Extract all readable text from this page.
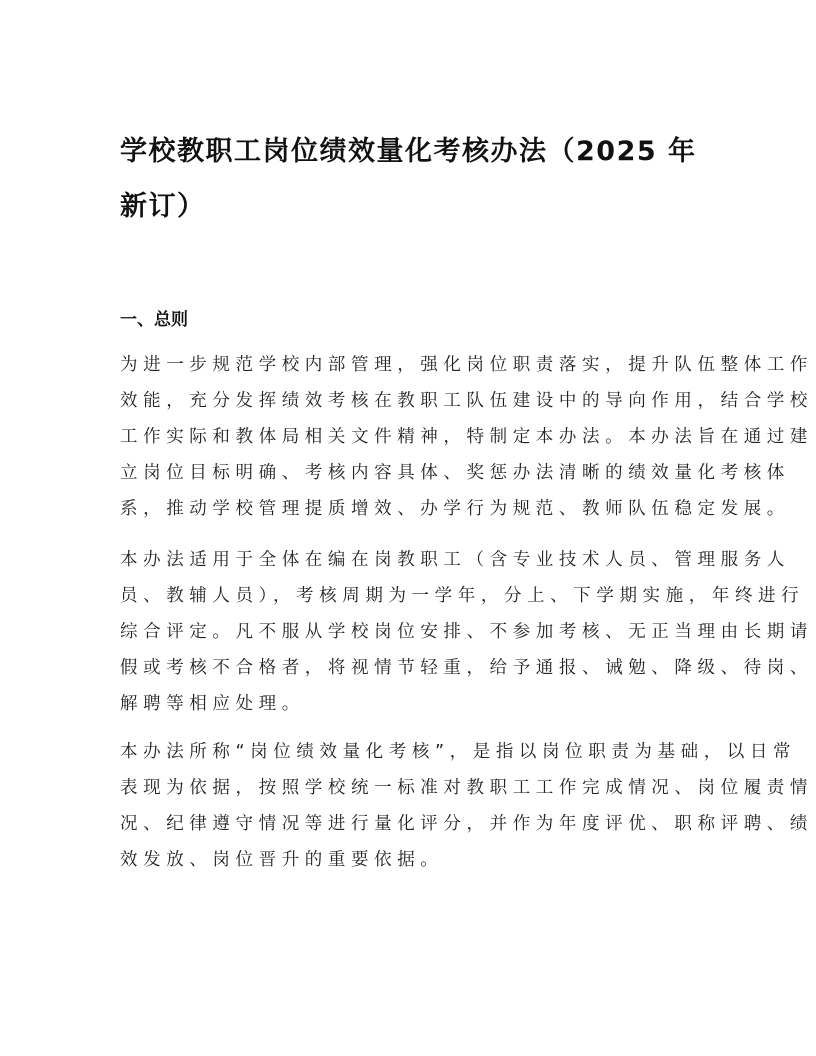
学校教职工岗位绩效量化考核办法（2025 年
新订）
一、总则
为进一步规范学校内部管理，强化岗位职责落实，提升队伍整体工作
效能，充分发挥绩效考核在教职工队伍建设中的导向作用，结合学校
工作实际和教体局相关文件精神，特制定本办法。本办法旨在通过建
立岗位目标明确、考核内容具体、奖惩办法清晰的绩效量化考核体
系，推动学校管理提质增效、办学行为规范、教师队伍稳定发展。
本办法适用于全体在编在岗教职工（含专业技术人员、管理服务人
员、教辅人员），考核周期为一学年，分上、下学期实施，年终进行
综合评定。凡不服从学校岗位安排、不参加考核、无正当理由长期请
假或考核不合格者，将视情节轻重，给予通报、诫勉、降级、待岗、
解聘等相应处理。
本办法所称“岗位绩效量化考核”，是指以岗位职责为基础，以日常
表现为依据，按照学校统一标准对教职工工作完成情况、岗位履责情
况、纪律遵守情况等进行量化评分，并作为年度评优、职称评聘、绩
效发放、岗位晋升的重要依据。
